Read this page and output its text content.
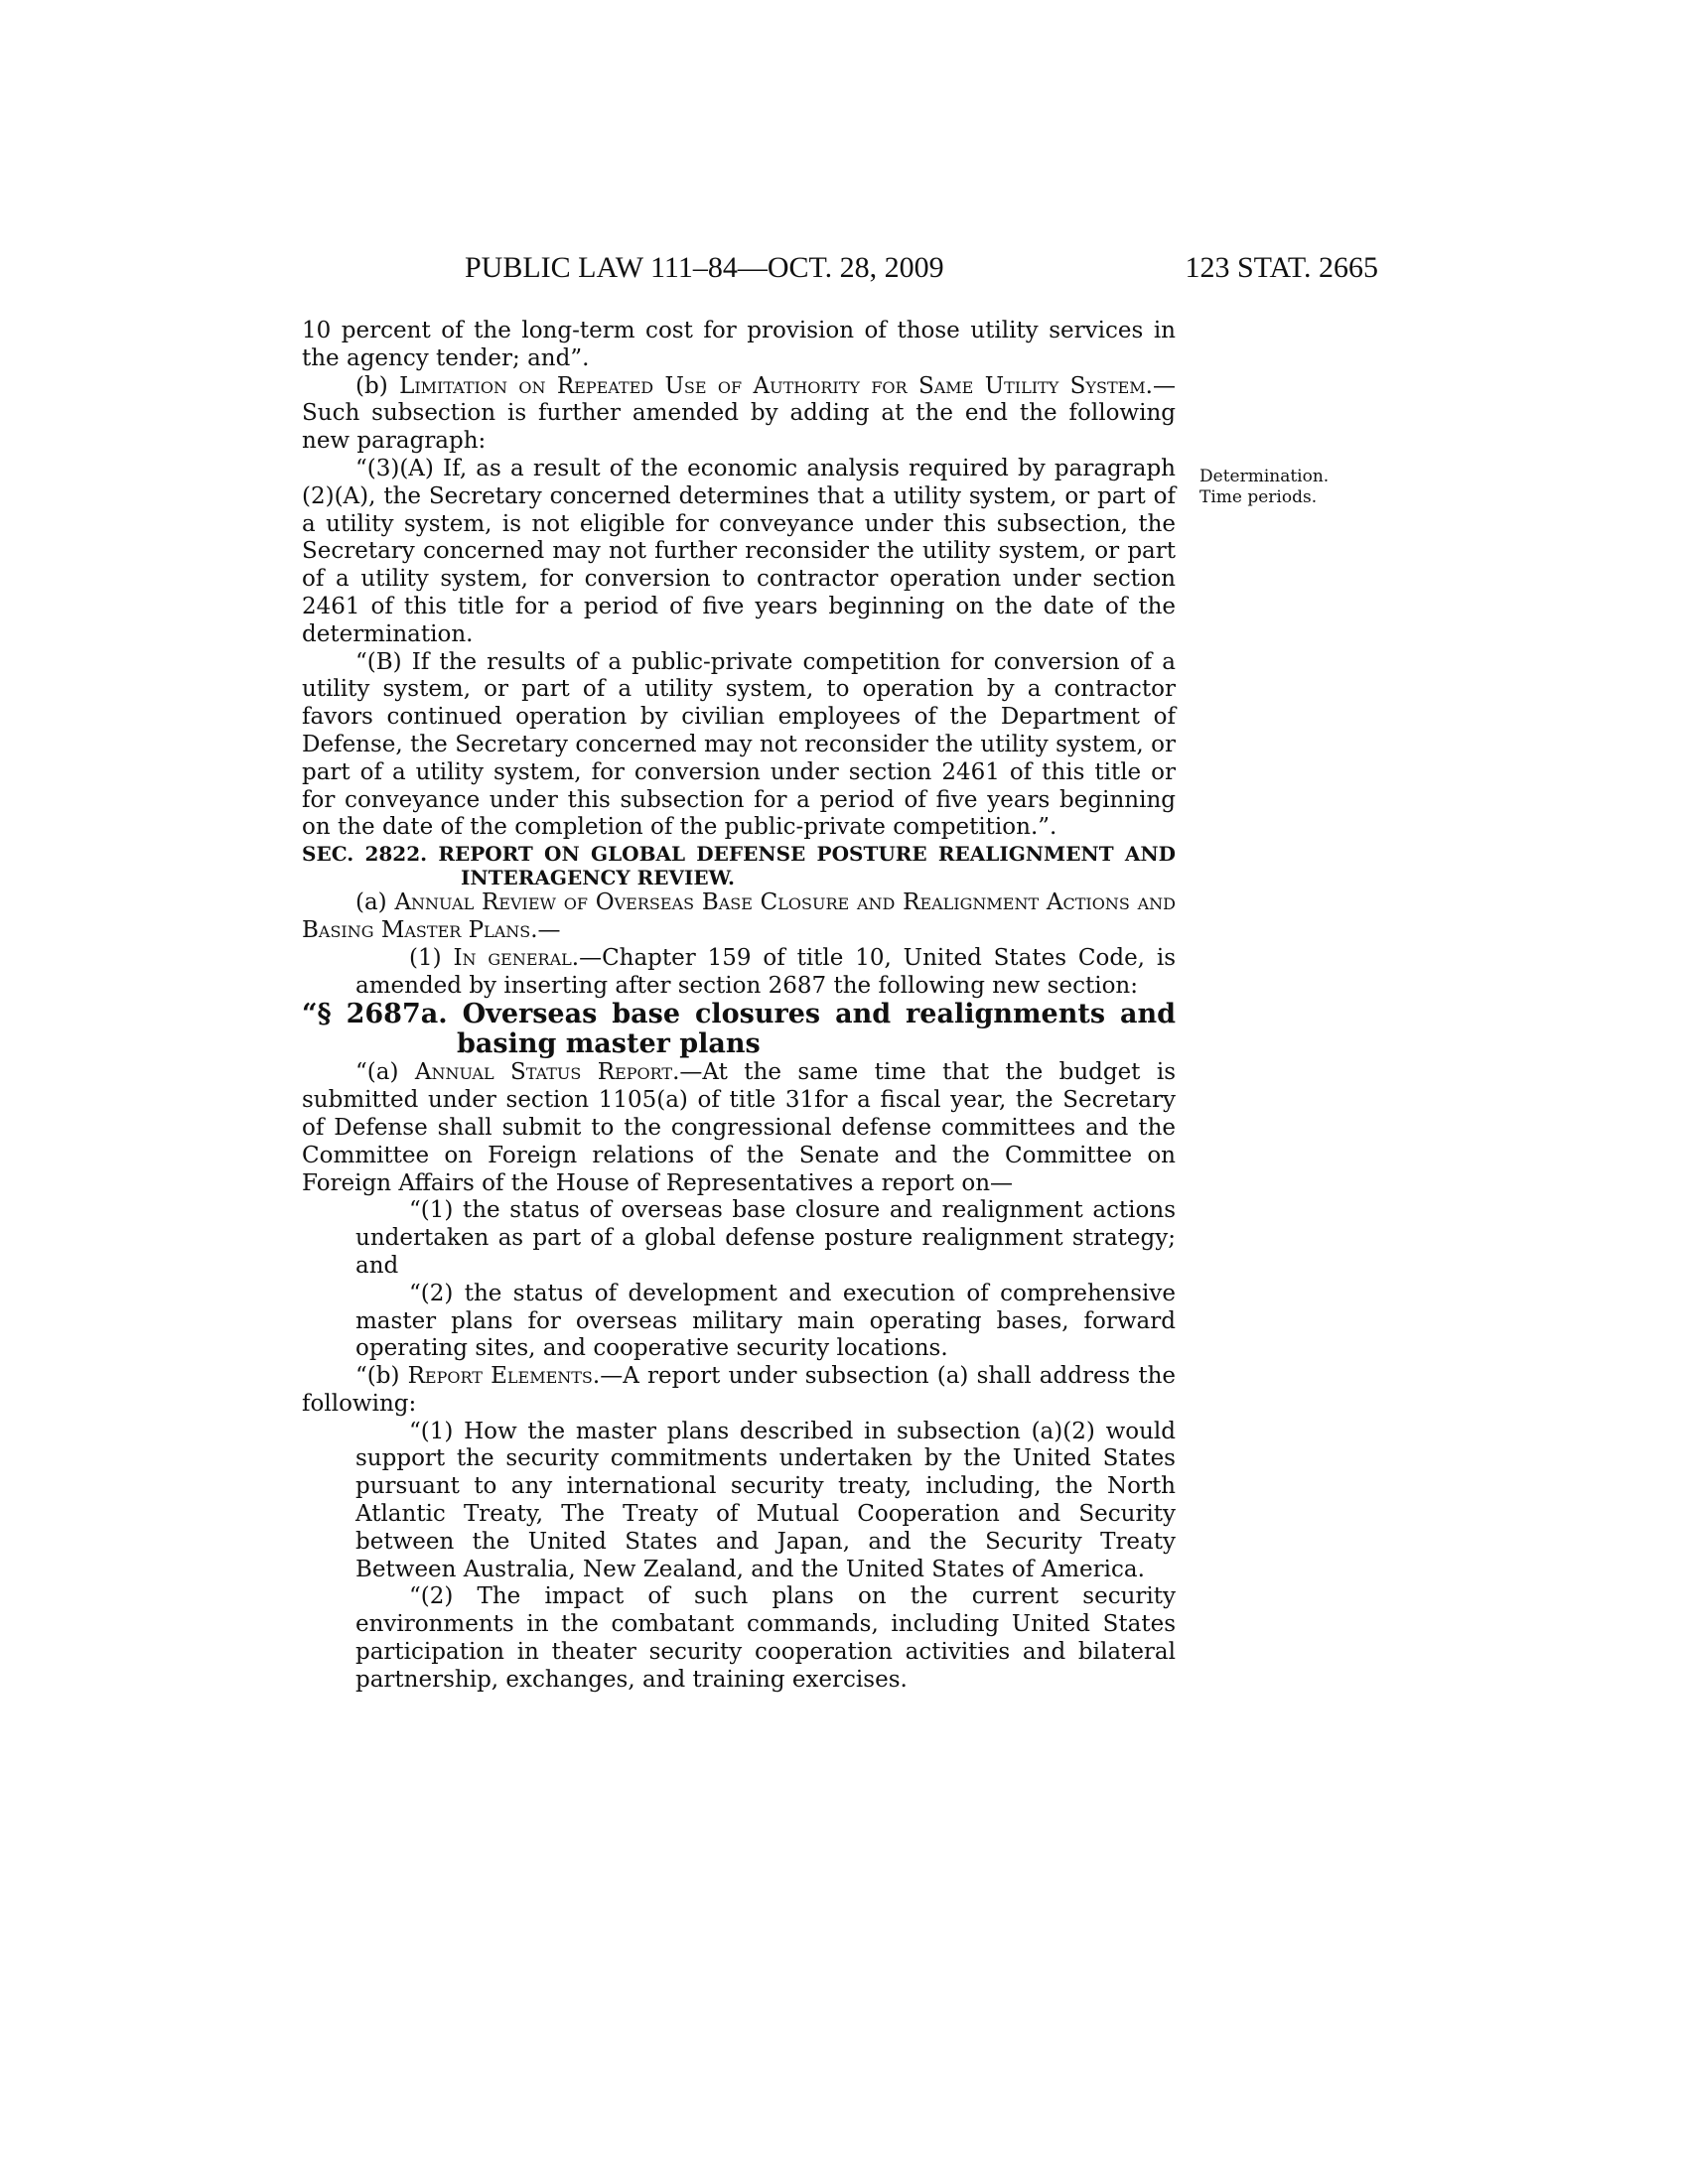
PUBLIC LAW 111–84—OCT. 28, 2009	123 STAT. 2665
Determination.
Time periods.

10 percent of the long-term cost for provision of those utility services in the agency tender; and”.

(b) Limitation on Repeated Use of Authority for Same Utility System.—Such subsection is further amended by adding at the end the following new paragraph:

“(3)(A) If, as a result of the economic analysis required by paragraph (2)(A), the Secretary concerned determines that a utility system, or part of a utility system, is not eligible for conveyance under this subsection, the Secretary concerned may not further reconsider the utility system, or part of a utility system, for conversion to contractor operation under section 2461 of this title for a period of five years beginning on the date of the determination.

“(B) If the results of a public-private competition for conversion of a utility system, or part of a utility system, to operation by a contractor favors continued operation by civilian employees of the Department of Defense, the Secretary concerned may not reconsider the utility system, or part of a utility system, for conversion under section 2461 of this title or for conveyance under this subsection for a period of five years beginning on the date of the completion of the public-private competition.”.

SEC. 2822. REPORT ON GLOBAL DEFENSE POSTURE REALIGNMENT AND INTERAGENCY REVIEW.

(a) Annual Review of Overseas Base Closure and Realignment Actions and Basing Master Plans.—

(1) In general.—Chapter 159 of title 10, United States Code, is amended by inserting after section 2687 the following new section:

“§ 2687a. Overseas base closures and realignments and basing master plans

“(a) Annual Status Report.—At the same time that the budget is submitted under section 1105(a) of title 31for a fiscal year, the Secretary of Defense shall submit to the congressional defense committees and the Committee on Foreign relations of the Senate and the Committee on Foreign Affairs of the House of Representatives a report on—

“(1) the status of overseas base closure and realignment actions undertaken as part of a global defense posture realignment strategy; and

“(2) the status of development and execution of comprehensive master plans for overseas military main operating bases, forward operating sites, and cooperative security locations.

“(b) Report Elements.—A report under subsection (a) shall address the following:

“(1) How the master plans described in subsection (a)(2) would support the security commitments undertaken by the United States pursuant to any international security treaty, including, the North Atlantic Treaty, The Treaty of Mutual Cooperation and Security between the United States and Japan, and the Security Treaty Between Australia, New Zealand, and the United States of America.

“(2) The impact of such plans on the current security environments in the combatant commands, including United States participation in theater security cooperation activities and bilateral partnership, exchanges, and training exercises.
